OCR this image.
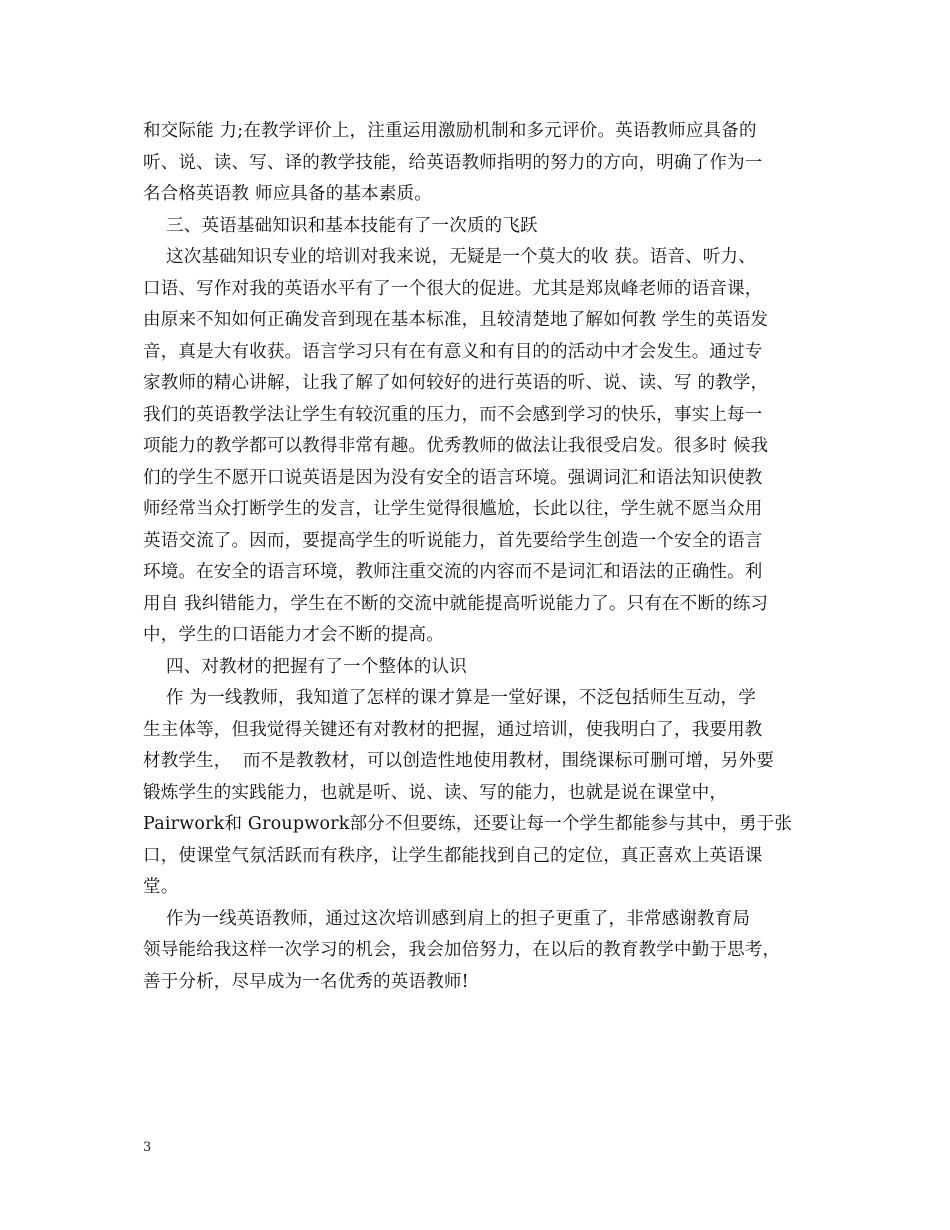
和交际能 力;在教学评价上，注重运用激励机制和多元评价。英语教师应具备的
听、说、读、写、译的教学技能，给英语教师指明的努力的方向，明确了作为一
名合格英语教 师应具备的基本素质。
三、英语基础知识和基本技能有了一次质的飞跃
这次基础知识专业的培训对我来说，无疑是一个莫大的收 获。语音、听力、
口语、写作对我的英语水平有了一个很大的促进。尤其是郑岚峰老师的语音课，
由原来不知如何正确发音到现在基本标准，且较清楚地了解如何教 学生的英语发
音，真是大有收获。语言学习只有在有意义和有目的的活动中才会发生。通过专
家教师的精心讲解，让我了解了如何较好的进行英语的听、说、读、写 的教学，
我们的英语教学法让学生有较沉重的压力，而不会感到学习的快乐，事实上每一
项能力的教学都可以教得非常有趣。优秀教师的做法让我很受启发。很多时 候我
们的学生不愿开口说英语是因为没有安全的语言环境。强调词汇和语法知识使教
师经常当众打断学生的发言，让学生觉得很尴尬，长此以往，学生就不愿当众用
英语交流了。因而，要提高学生的听说能力，首先要给学生创造一个安全的语言
环境。在安全的语言环境，教师注重交流的内容而不是词汇和语法的正确性。利
用自 我纠错能力，学生在不断的交流中就能提高听说能力了。只有在不断的练习
中，学生的口语能力才会不断的提高。
四、对教材的把握有了一个整体的认识
作 为一线教师，我知道了怎样的课才算是一堂好课，不泛包括师生互动，学
生主体等，但我觉得关键还有对教材的把握，通过培训，使我明白了，我要用教
材教学生，  而不是教教材，可以创造性地使用教材，围绕课标可删可增，另外要
锻炼学生的实践能力，也就是听、说、读、写的能力，也就是说在课堂中，
Pairwork和 Groupwork部分不但要练，还要让每一个学生都能参与其中，勇于张
口，使课堂气氛活跃而有秩序，让学生都能找到自己的定位，真正喜欢上英语课
堂。
作为一线英语教师，通过这次培训感到肩上的担子更重了，非常感谢教育局
领导能给我这样一次学习的机会，我会加倍努力，在以后的教育教学中勤于思考，
善于分析，尽早成为一名优秀的英语教师!
3
